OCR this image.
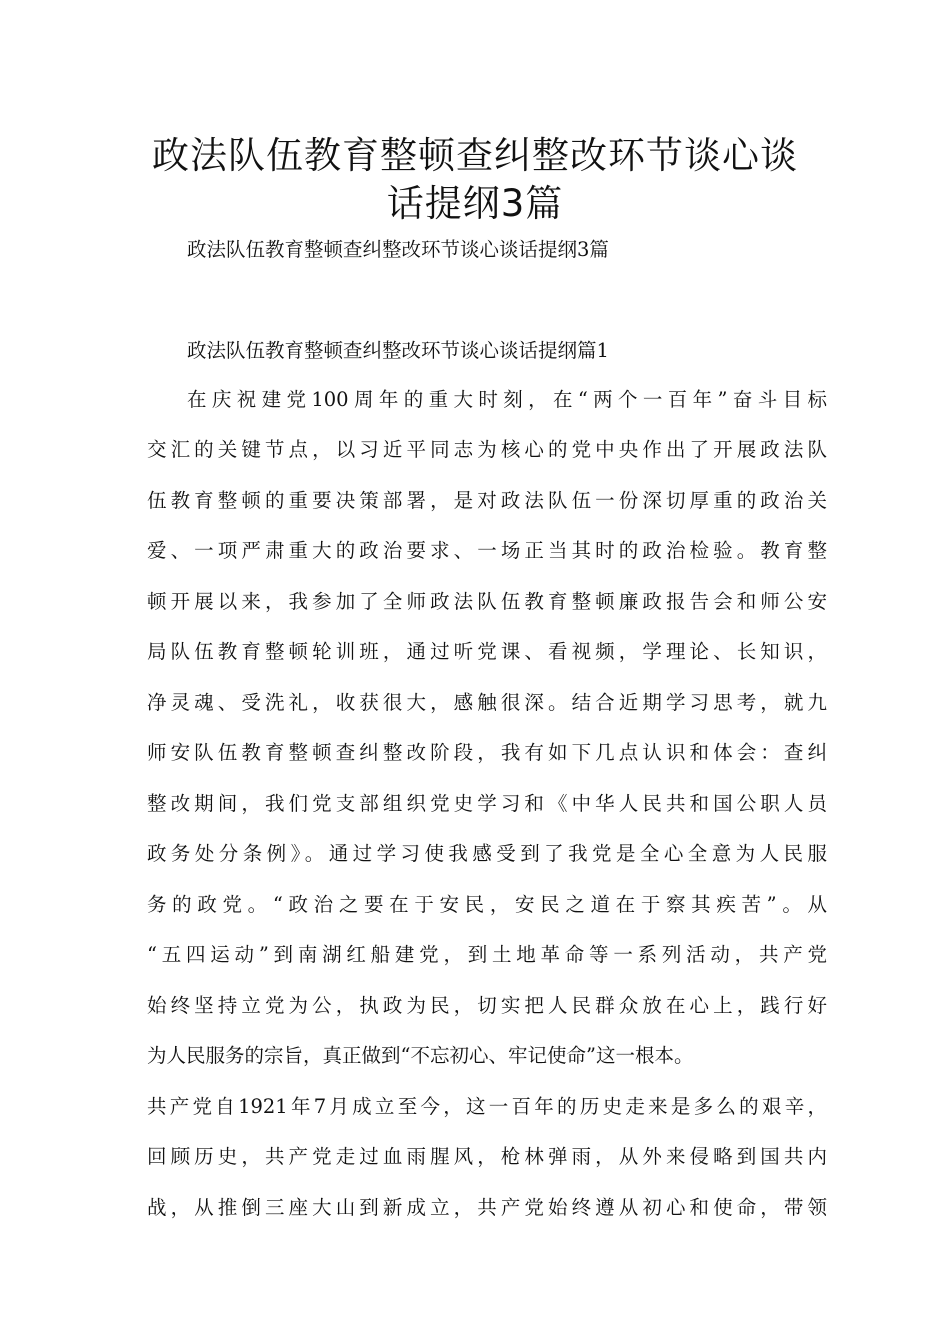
政法队伍教育整顿查纠整改环节谈心谈
话提纲3篇

政法队伍教育整顿查纠整改环节谈心谈话提纲3篇

政法队伍教育整顿查纠整改环节谈心谈话提纲篇1

在庆祝建党100周年的重大时刻，在“两个一百年”奋斗目标

交汇的关键节点，以习近平同志为核心的党中央作出了开展政法队

伍教育整顿的重要决策部署，是对政法队伍一份深切厚重的政治关

爱、一项严肃重大的政治要求、一场正当其时的政治检验。教育整

顿开展以来，我参加了全师政法队伍教育整顿廉政报告会和师公安

局队伍教育整顿轮训班，通过听党课、看视频，学理论、长知识，

净灵魂、受洗礼，收获很大，感触很深。结合近期学习思考，就九

师安队伍教育整顿查纠整改阶段，我有如下几点认识和体会：查纠

整改期间，我们党支部组织党史学习和《中华人民共和国公职人员

政务处分条例》。通过学习使我感受到了我党是全心全意为人民服

务的政党。“政治之要在于安民，安民之道在于察其疾苦”。从

“五四运动”到南湖红船建党，到土地革命等一系列活动，共产党

始终坚持立党为公，执政为民，切实把人民群众放在心上，践行好

为人民服务的宗旨，真正做到“不忘初心、牢记使命”这一根本。

共产党自1921年7月成立至今，这一百年的历史走来是多么的艰辛，

回顾历史，共产党走过血雨腥风，枪林弹雨，从外来侵略到国共内

战，从推倒三座大山到新成立，共产党始终遵从初心和使命，带领
